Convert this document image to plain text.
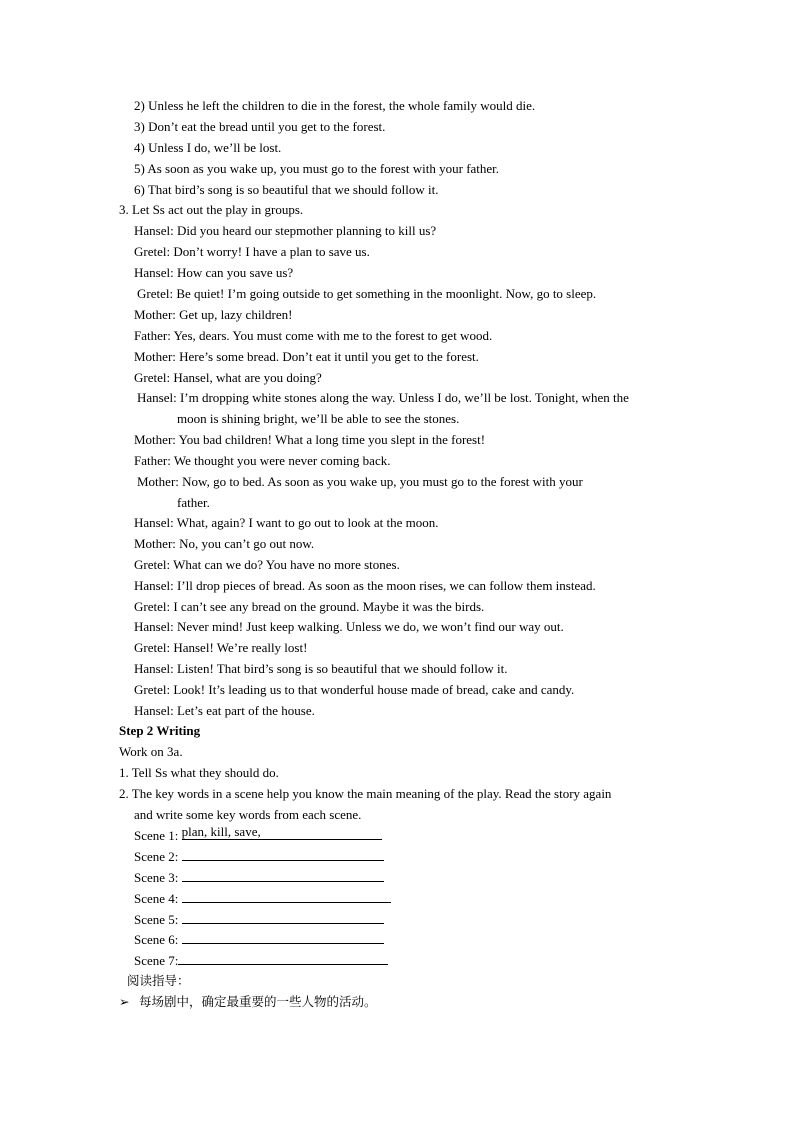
2) Unless he left the children to die in the forest, the whole family would die.
3) Don’t eat the bread until you get to the forest.
4) Unless I do, we’ll be lost.
5) As soon as you wake up, you must go to the forest with your father.
6) That bird’s song is so beautiful that we should follow it.
3. Let Ss act out the play in groups.
Hansel: Did you heard our stepmother planning to kill us?
Gretel: Don’t worry! I have a plan to save us.
Hansel: How can you save us?
Gretel: Be quiet! I’m going outside to get something in the moonlight. Now, go to sleep.
Mother: Get up, lazy children!
Father: Yes, dears. You must come with me to the forest to get wood.
Mother: Here’s some bread. Don’t eat it until you get to the forest.
Gretel: Hansel, what are you doing?
Hansel: I’m dropping white stones along the way. Unless I do, we’ll be lost. Tonight, when the
moon is shining bright, we’ll be able to see the stones.
Mother: You bad children! What a long time you slept in the forest!
Father: We thought you were never coming back.
Mother: Now, go to bed. As soon as you wake up, you must go to the forest with your
father.
Hansel: What, again? I want to go out to look at the moon.
Mother: No, you can’t go out now.
Gretel: What can we do? You have no more stones.
Hansel: I’ll drop pieces of bread. As soon as the moon rises, we can follow them instead.
Gretel: I can’t see any bread on the ground. Maybe it was the birds.
Hansel: Never mind! Just keep walking. Unless we do, we won’t find our way out.
Gretel: Hansel! We’re really lost!
Hansel: Listen! That bird’s song is so beautiful that we should follow it.
Gretel: Look! It’s leading us to that wonderful house made of bread, cake and candy.
Hansel: Let’s eat part of the house.
Step 2 Writing
Work on 3a.
1. Tell Ss what they should do.
2. The key words in a scene help you know the main meaning of the play. Read the story again
and write some key words from each scene.
Scene 1: plan, kill, save,
Scene 2:
Scene 3:
Scene 4:
Scene 5:
Scene 6:
Scene 7:
阅读指导：
➢ 每场剧中，确定最重要的一些人物的活动。
